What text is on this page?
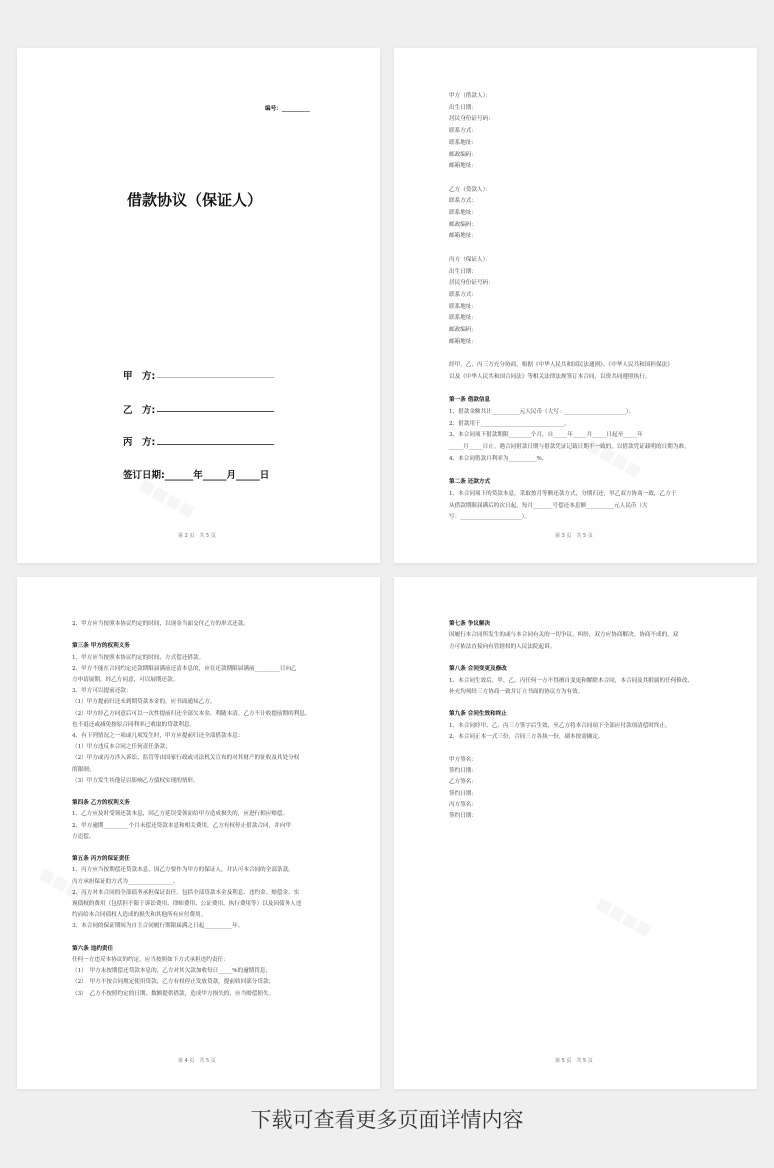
编号：__________
借款协议（保证人）
甲　方:
乙　方:
丙　方:
签订日期:______年_____月_____日
第 2 页　共 5 页
甲方（借款人）：
出生日期：
居民身份证号码：
联系方式：
联系地址：
邮政编码：
邮箱地址：
乙方（贷款人）：
联系方式：
联系地址：
邮政编码：
邮箱地址：
丙方（保证人）：
出生日期：
居民身份证号码：
联系方式：
联系地址：
联系地址：
邮政编码：
邮箱地址：
经甲、乙、丙三方充分协商，根据《中华人民共和国民法通则》、《中华人民共和国担保法》
以及《中华人民共和国合同法》等相关法律法规签订本合同，以资共同遵照执行。
第一条 借款信息
1、借款金额共计__________元人民币（大写：______________________）。
2、借款用于______________________________。
3、本合同项下借款期限________个月，自_____年_____月_____日起至_____年
_____月_____日止。遇合同借款日期与借款凭证记载日期不一致的，以借款凭证载明的日期为准。
4、本合同借款月利率为__________%。
第二条 还款方式
1、本合同项下的贷款本息，采取按月等额还款方式，分期归还，甲乙双方协商一致，乙方于
从借款期限届满后的次日起，每月_______号偿还本息额__________元人民币（大
写：______________________）。
第 3 页　共 5 页
2、甲方应当按照本协议约定的时间，以现金当面交付乙方的形式还款。
第三条 甲方的权利义务
1、甲方应当按照本协议约定的时间、方式偿还借款。
2、甲方不能在合同约定还款期限届满前还清本息的，应在还款期限届满前_________日向乙
方申请展期，经乙方同意，可以展期还款。
3、甲方可以提前还款：
（1）甲方提前归还未到期贷款本金的，应书面通知乙方。
（2）甲方经乙方同意后可以一次性提前归还全部欠本金、利随本清。乙方不计收提前期的利息，
也不退还或减免按原合同利率已收取的贷款利息。
4、有下列情况之一项或几项发生时，甲方应提前归还全部借款本息：
（1）甲方违反本合同之任何责任条款；
（2）甲方或丙方涉入诉讼、监管等由国家行政或司法机关宣布的对其财产的征收及其处分权
的限制；
（3）甲方发生其他足以影响乙方债权实现的情形。
第四条 乙方的权利义务
1、乙方应及时受领还款本息，因乙方延误受领而给甲方造成损失的，应进行相应赔偿。
2、甲方逾期_________个月未偿还贷款本息和相关费用，乙方有权停止借款合同，并向甲
方追偿。
第五条 丙方的保证责任
1、丙方应当按期偿还贷款本息，因乙方要作为甲方的保证人，并认可本合同的全部条款。
丙方承担保证的方式为________________。
2、丙方对本合同的全部债务承担保证责任，包括全部贷款本金及利息、违约金、赔偿金、实
现债权的费用（包括但不限于诉讼费用、律师费用、公证费用、执行费用等）以及因债务人违
约而给本合同债权人造成的损失和其他所有应付费用。
3、本合同的保证期间为自主合同履行期限届满之日起__________年。
第六条 违约责任
任何一方违反本协议的约定，应当按照如下方式承担违约责任：
（1）　甲方未按期偿还贷款本息的，乙方对其欠款加收每日_____%的逾期罚息；
（2）　甲方不按合同规定使用贷款，乙方有权停止发放贷款，提前收回部分贷款；
（3）　乙方不按照约定的日期、数额提供借款，造成甲方损失的，应当赔偿损失。
第 4 页　共 5 页
第七条 争议解决
因履行本合同所发生的或与本合同有关的一切争议、纠纷，双方应协商解决。协商不成的，双
方可依法直接向有管辖权的人民法院起诉。
第八条 合同变更及修改
1、本合同生效后，甲、乙、丙任何一方不得擅自变更和解除本合同，本合同及其附属的任何修改、
补充均须经三方协商一致并订立书面的协议方为有效。
第九条 合同生效和终止
1、本合同经甲、乙、丙三方签字后生效，至乙方将本合同项下全部应付款项清偿时终止。
2、本合同正本一式三份，合同三方各执一份，副本按需确定。
甲方签名：
签约日期：
乙方签名：
签约日期：
丙方签名：
签约日期：
第 5 页　共 5 页
下载可查看更多页面详情内容
